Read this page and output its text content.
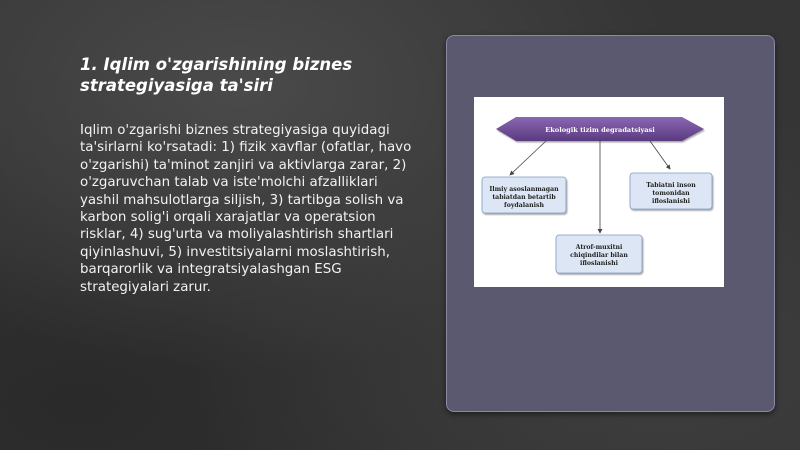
1. Iqlim o'zgarishining biznes strategiyasiga ta'siri

Iqlim o'zgarishi biznes strategiyasiga quyidagi ta'sirlarni ko'rsatadi: 1) fizik xavflar (ofatlar, havo o'zgarishi) ta'minot zanjiri va aktivlarga zarar, 2) o'zgaruvchan talab va iste'molchi afzalliklari yashil mahsulotlarga siljish, 3) tartibga solish va karbon solig'i orqali xarajatlar va operatsion risklar, 4) sug'urta va moliyalashtirish shartlari qiyinlashuvi, 5) investitsiyalarni moslashtirish, barqarorlik va integratsiyalashgan ESG strategiyalari zarur.

Ekologik tizim degradatsiyasi
Ilmiy asoslanmagan
tabiatdan betartib
foydalanish
Tabiatni inson
tomonidan
ifloslanishi
Atrof-muxitni
chiqindilar bilan
ifloslanishi
